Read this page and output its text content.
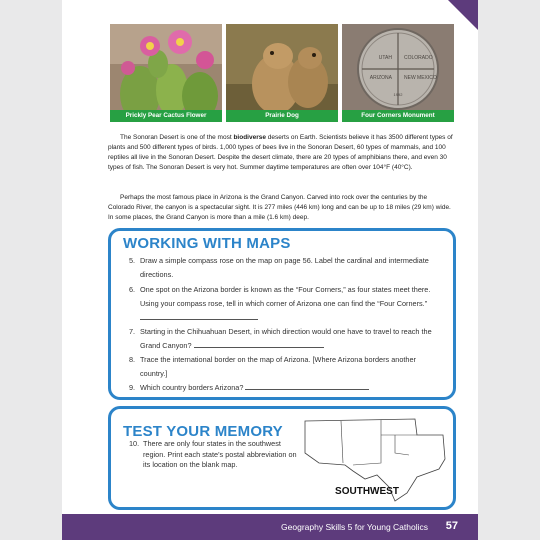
Prickly Pear Cactus Flower	Prairie Dog
UTAH COLORADO
ARIZONA NEW MEXICO
1992
Four Corners Monument

The Sonoran Desert is one of the most biodiverse deserts on Earth. Scientists believe it has 3500 different types of plants and 500 different types of birds. 1,000 types of bees live in the Sonoran Desert, 60 types of mammals, and 100 reptiles all live in the Sonoran Desert. Despite the desert climate, there are 20 types of amphibians there, and even 30 types of fish. The Sonoran Desert is very hot. Summer daytime temperatures are often over 104°F (40°C).

Perhaps the most famous place in Arizona is the Grand Canyon. Carved into rock over the centuries by the Colorado River, the canyon is a spectacular sight. It is 277 miles (446 km) long and can be up to 18 miles (29 km) wide. In some places, the Grand Canyon is more than a mile (1.6 km) deep.

WORKING WITH MAPS
5. Draw a simple compass rose on the map on page 56. Label the cardinal and intermediate directions.
6. One spot on the Arizona border is known as the “Four Corners,” as four states meet there. Using your compass rose, tell in which corner of Arizona one can find the “Four Corners.”
7. Starting in the Chihuahuan Desert, in which direction would one have to travel to reach the Grand Canyon?
8. Trace the international border on the map of Arizona. [Where Arizona borders another country.]
9. Which country borders Arizona?
TEST YOUR MEMORY
10. There are only four states in the southwest region. Print each state’s postal abbreviation on its location on the blank map.
SOUTHWEST
Geography Skills 5 for Young Catholics 57
